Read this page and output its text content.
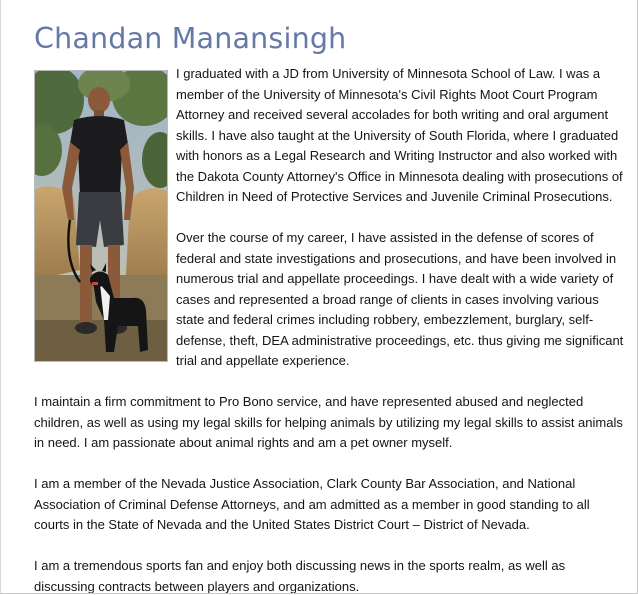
Chandan Manansingh

I graduated with a JD from University of Minnesota School of Law. I was a member of the University of Minnesota's Civil Rights Moot Court Program Attorney and received several accolades for both writing and oral argument skills. I have also taught at the University of South Florida, where I graduated with honors as a Legal Research and Writing Instructor and also worked with the Dakota County Attorney's Office in Minnesota dealing with prosecutions of Children in Need of Protective Services and Juvenile Criminal Prosecutions.

Over the course of my career, I have assisted in the defense of scores of federal and state investigations and prosecutions, and have been involved in numerous trial and appellate proceedings. I have dealt with a wide variety of cases and represented a broad range of clients in cases involving various state and federal crimes including robbery, embezzlement, burglary, self-defense, theft, DEA administrative proceedings, etc. thus giving me significant trial and appellate experience.

I maintain a firm commitment to Pro Bono service, and have represented abused and neglected children, as well as using my legal skills for helping animals by utilizing my legal skills to assist animals in need. I am passionate about animal rights and am a pet owner myself.

I am a member of the Nevada Justice Association, Clark County Bar Association, and National Association of Criminal Defense Attorneys, and am admitted as a member in good standing to all courts in the State of Nevada and the United States District Court – District of Nevada.

I am a tremendous sports fan and enjoy both discussing news in the sports realm, as well as discussing contracts between players and organizations.
